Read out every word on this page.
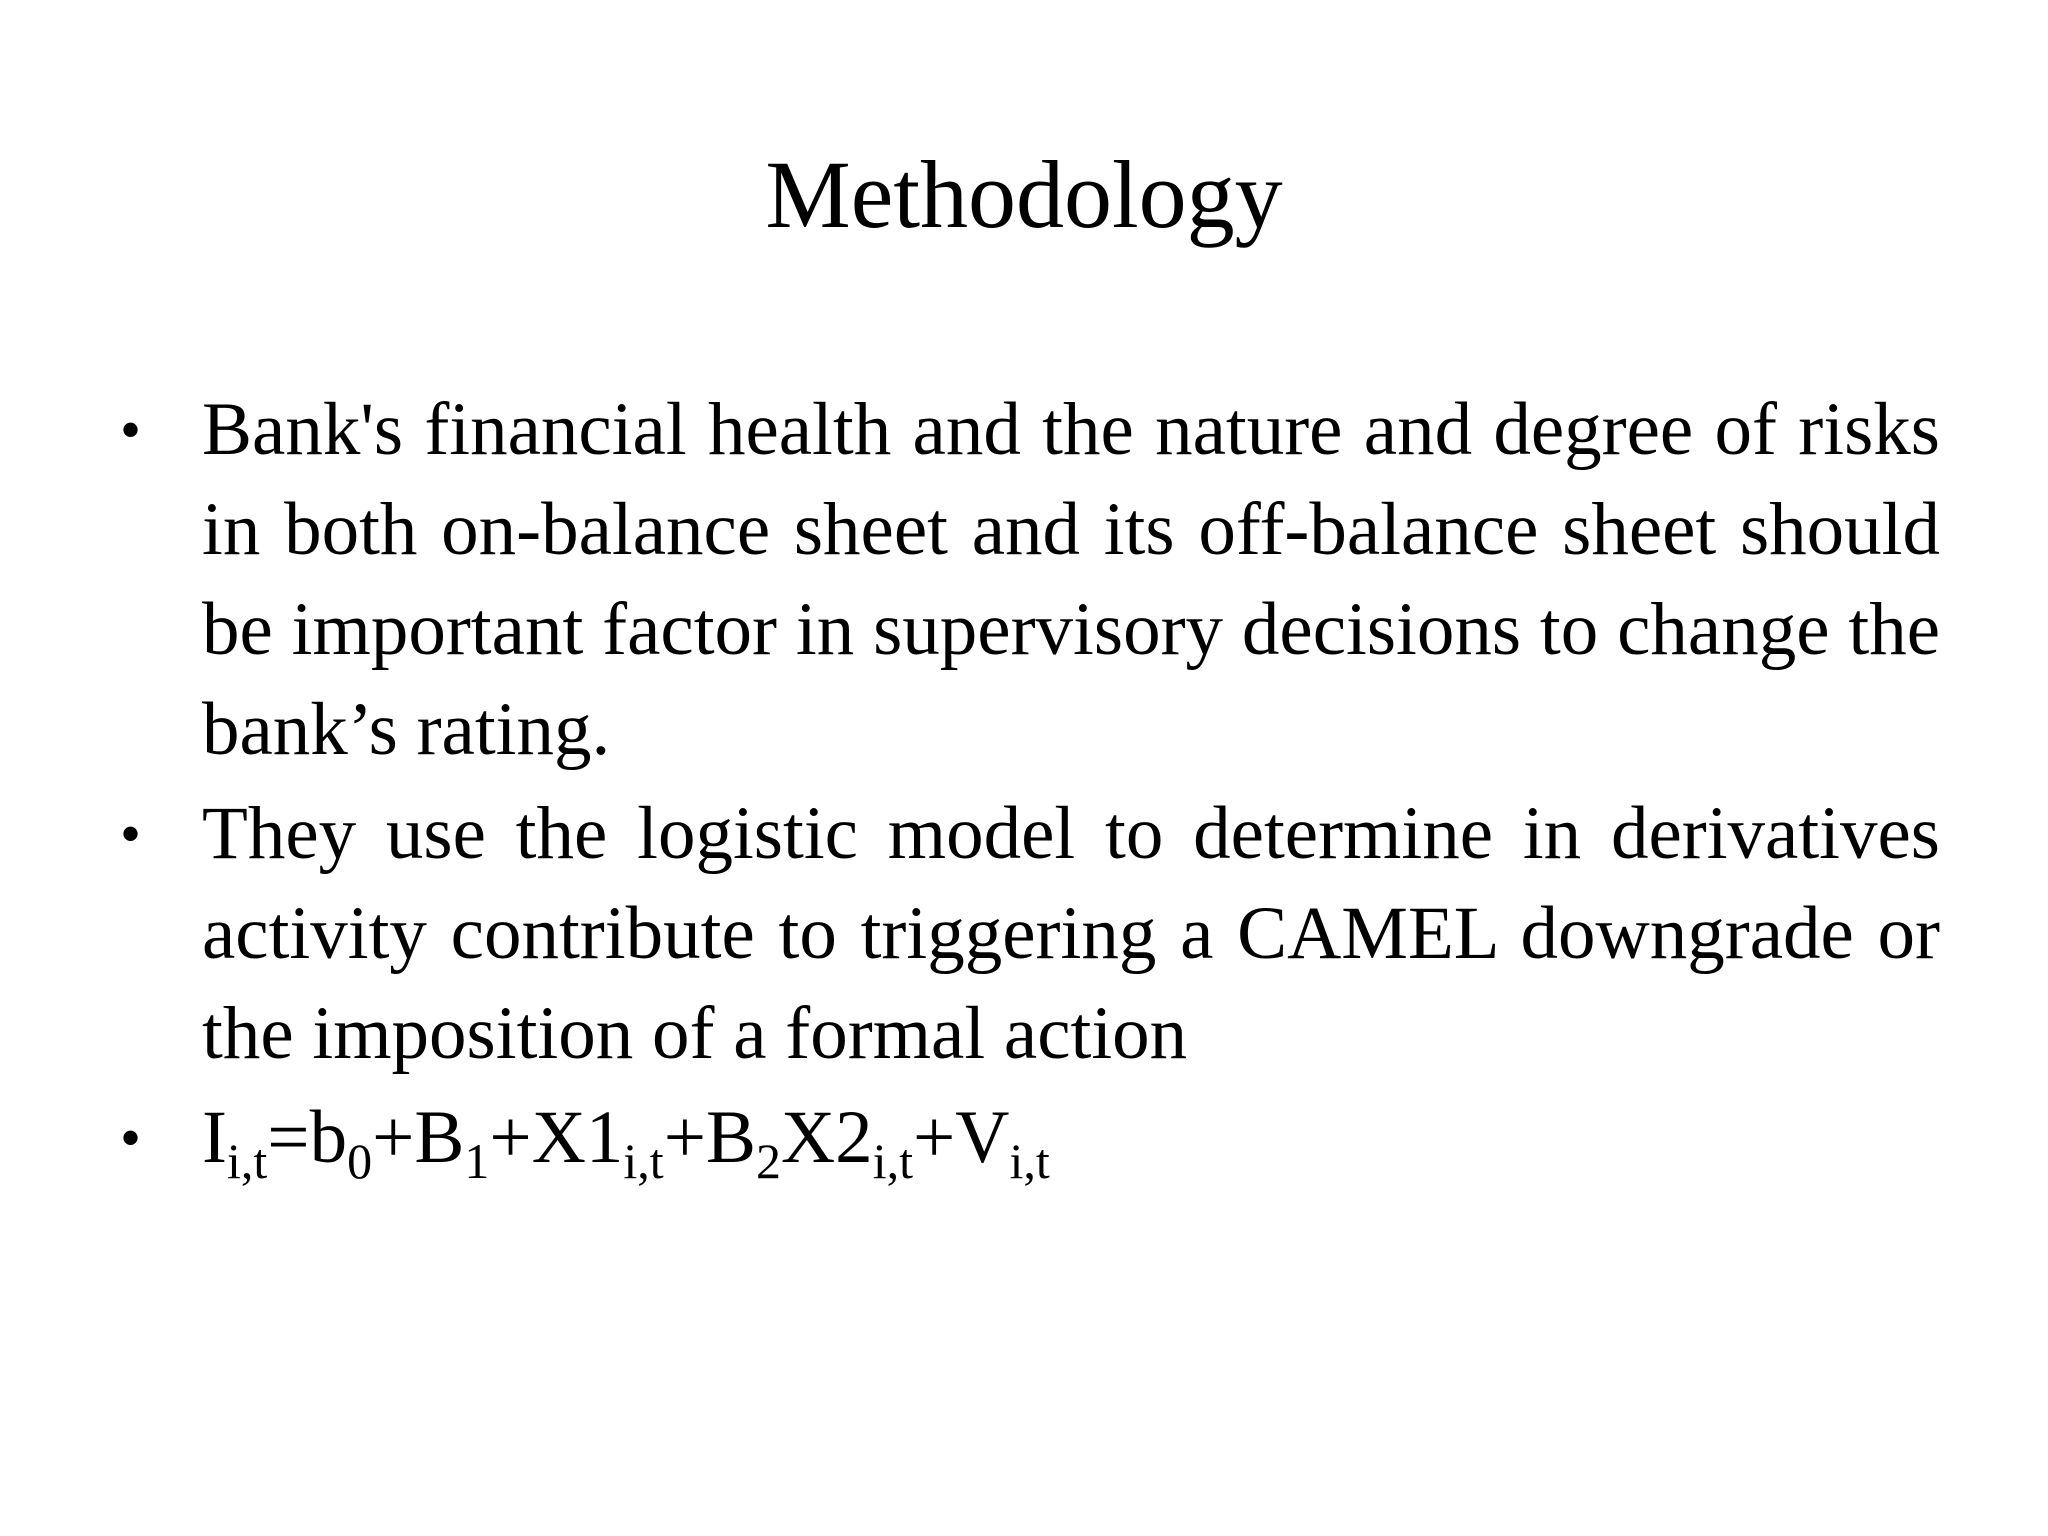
Methodology
• Bank's financial health and the nature and degree of risks in both on-balance sheet and its off-balance sheet should be important factor in supervisory decisions to change the bank’s rating.
• They use the logistic model to determine in derivatives activity contribute to triggering a CAMEL downgrade or the imposition of a formal action
• $I_{i,t}=b_0+B_1+X1_{i,t}+B_2X2_{i,t}+V_{i,t}$
